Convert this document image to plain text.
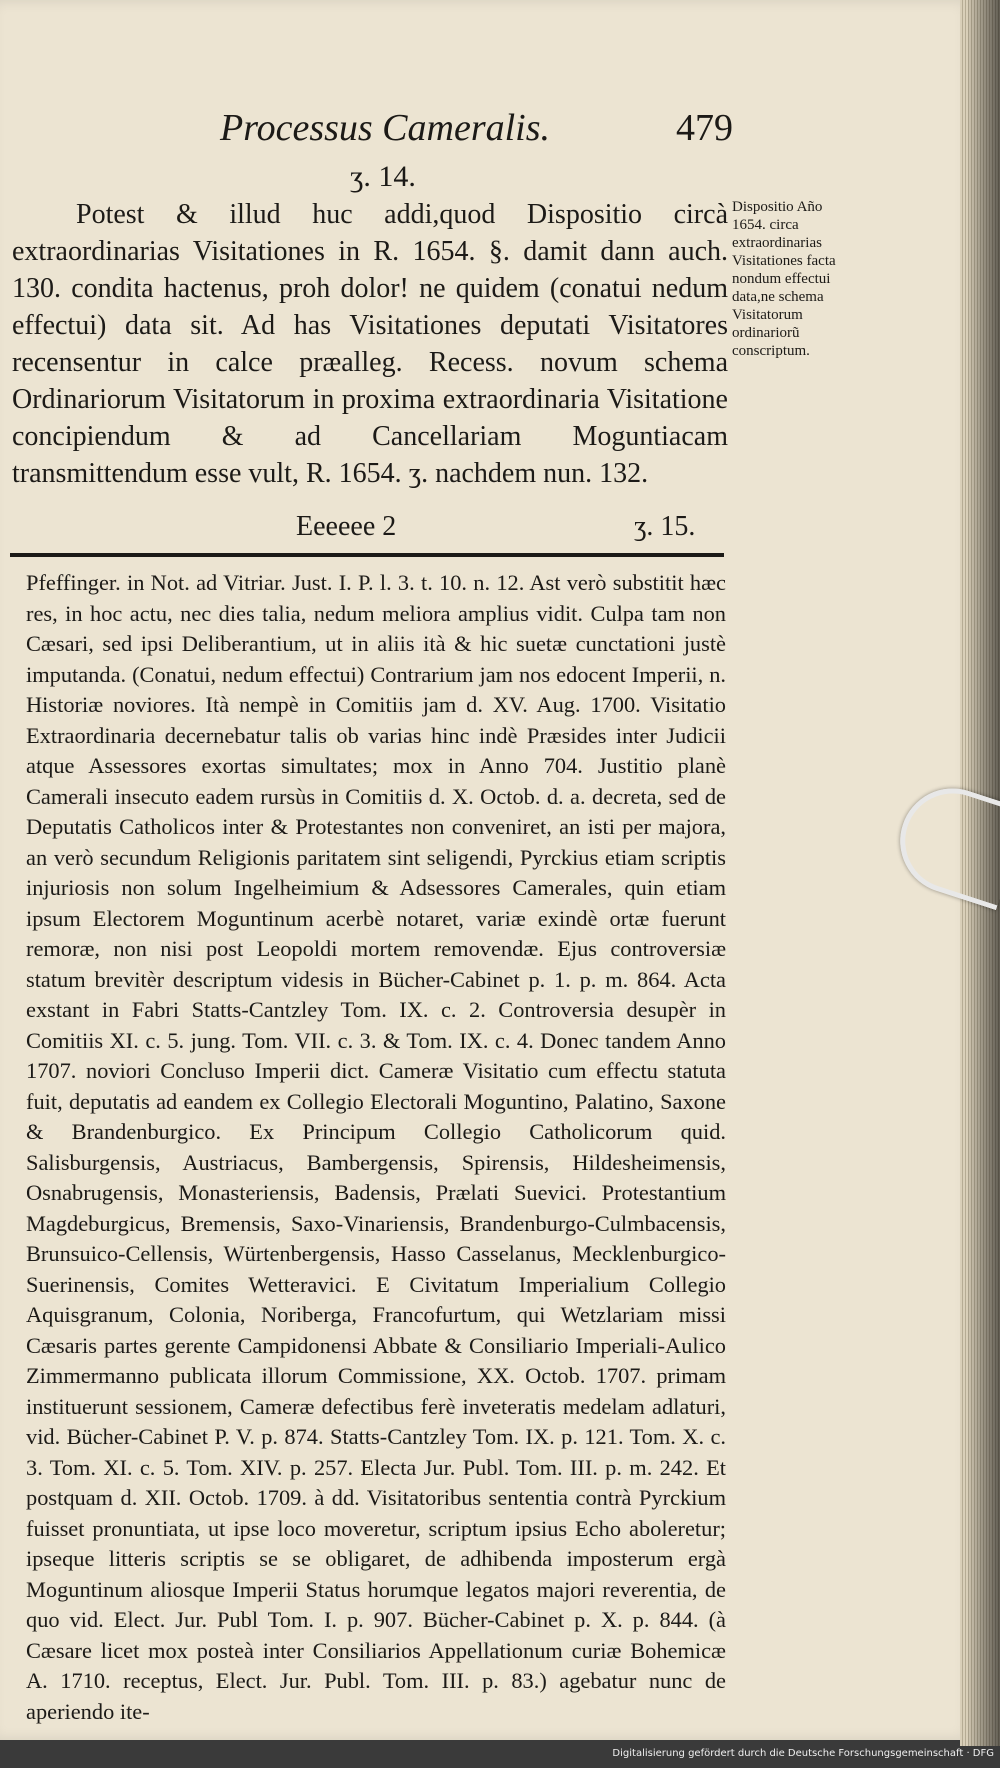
Processus Cameralis.	479
ʒ. 14.

Potest & illud huc addi,quod Dispositio circà extraordinarias Visitationes in R. 1654. §. damit dann auch. 130. condita hactenus, proh dolor! ne quidem (conatui nedum effectui) data sit. Ad has Visitationes deputati Visitatores recensentur in calce præalleg. Recess. novum schema Ordinariorum Visitatorum in proxima extraordinaria Visitatione concipiendum & ad Cancellariam Moguntiacam transmittendum esse vult, R. 1654. ʒ. nachdem nun. 132.

Dispositio Año 1654. circa extraordinarias Visitationes facta nondum effectui data,ne schema Visitatorum ordinariorũ conscriptum.

Eeeeee 2	ʒ. 15.

Pfeffinger. in Not. ad Vitriar. Just. I. P. l. 3. t. 10. n. 12. Ast verò substitit hæc res, in hoc actu, nec dies talia, nedum meliora amplius vidit. Culpa tam non Cæsari, sed ipsi Deliberantium, ut in aliis ità & hic suetæ cunctationi justè imputanda. (Conatui, nedum effectui) Contrarium jam nos edocent Imperii, n. Historiæ noviores. Ità nempè in Comitiis jam d. XV. Aug. 1700. Visitatio Extraordinaria decernebatur talis ob varias hinc indè Præsides inter Judicii atque Assessores exortas simultates; mox in Anno 704. Justitio planè Camerali insecuto eadem rursùs in Comitiis d. X. Octob. d. a. decreta, sed de Deputatis Catholicos inter & Protestantes non conveniret, an isti per majora, an verò secundum Religionis paritatem sint seligendi, Pyrckius etiam scriptis injuriosis non solum Ingelheimium & Adsessores Camerales, quin etiam ipsum Electorem Moguntinum acerbè notaret, variæ exindè ortæ fuerunt remoræ, non nisi post Leopoldi mortem removendæ. Ejus controversiæ statum brevitèr descriptum videsis in Bücher-Cabinet p. 1. p. m. 864. Acta exstant in Fabri Statts-Cantzley Tom. IX. c. 2. Controversia desupèr in Comitiis XI. c. 5. jung. Tom. VII. c. 3. & Tom. IX. c. 4. Donec tandem Anno 1707. noviori Concluso Imperii dict. Cameræ Visitatio cum effectu statuta fuit, deputatis ad eandem ex Collegio Electorali Moguntino, Palatino, Saxone & Brandenburgico. Ex Principum Collegio Catholicorum quid. Salisburgensis, Austriacus, Bambergensis, Spirensis, Hildesheimensis, Osnabrugensis, Monasteriensis, Badensis, Prælati Suevici. Protestantium Magdeburgicus, Bremensis, Saxo-Vinariensis, Brandenburgo-Culmbacensis, Brunsuico-Cellensis, Würtenbergensis, Hasso Casselanus, Mecklenburgico-Suerinensis, Comites Wetteravici. E Civitatum Imperialium Collegio Aquisgranum, Colonia, Noriberga, Francofurtum, qui Wetzlariam missi Cæsaris partes gerente Campidonensi Abbate & Consiliario Imperiali-Aulico Zimmermanno publicata illorum Commissione, XX. Octob. 1707. primam instituerunt sessionem, Cameræ defectibus ferè inveteratis medelam adlaturi, vid. Bücher-Cabinet P. V. p. 874. Statts-Cantzley Tom. IX. p. 121. Tom. X. c. 3. Tom. XI. c. 5. Tom. XIV. p. 257. Electa Jur. Publ. Tom. III. p. m. 242. Et postquam d. XII. Octob. 1709. à dd. Visitatoribus sententia contrà Pyrckium fuisset pronuntiata, ut ipse loco moveretur, scriptum ipsius Echo aboleretur; ipseque litteris scriptis se se obligaret, de adhibenda imposterum ergà Moguntinum aliosque Imperii Status horumque legatos majori reverentia, de quo vid. Elect. Jur. Publ Tom. I. p. 907. Bücher-Cabinet p. X. p. 844. (à Cæsare licet mox posteà inter Consiliarios Appellationum curiæ Bohemicæ A. 1710. receptus, Elect. Jur. Publ. Tom. III. p. 83.) agebatur nunc de aperiendo ite-

Digitalisierung gefördert durch die Deutsche Forschungsgemeinschaft · DFG
